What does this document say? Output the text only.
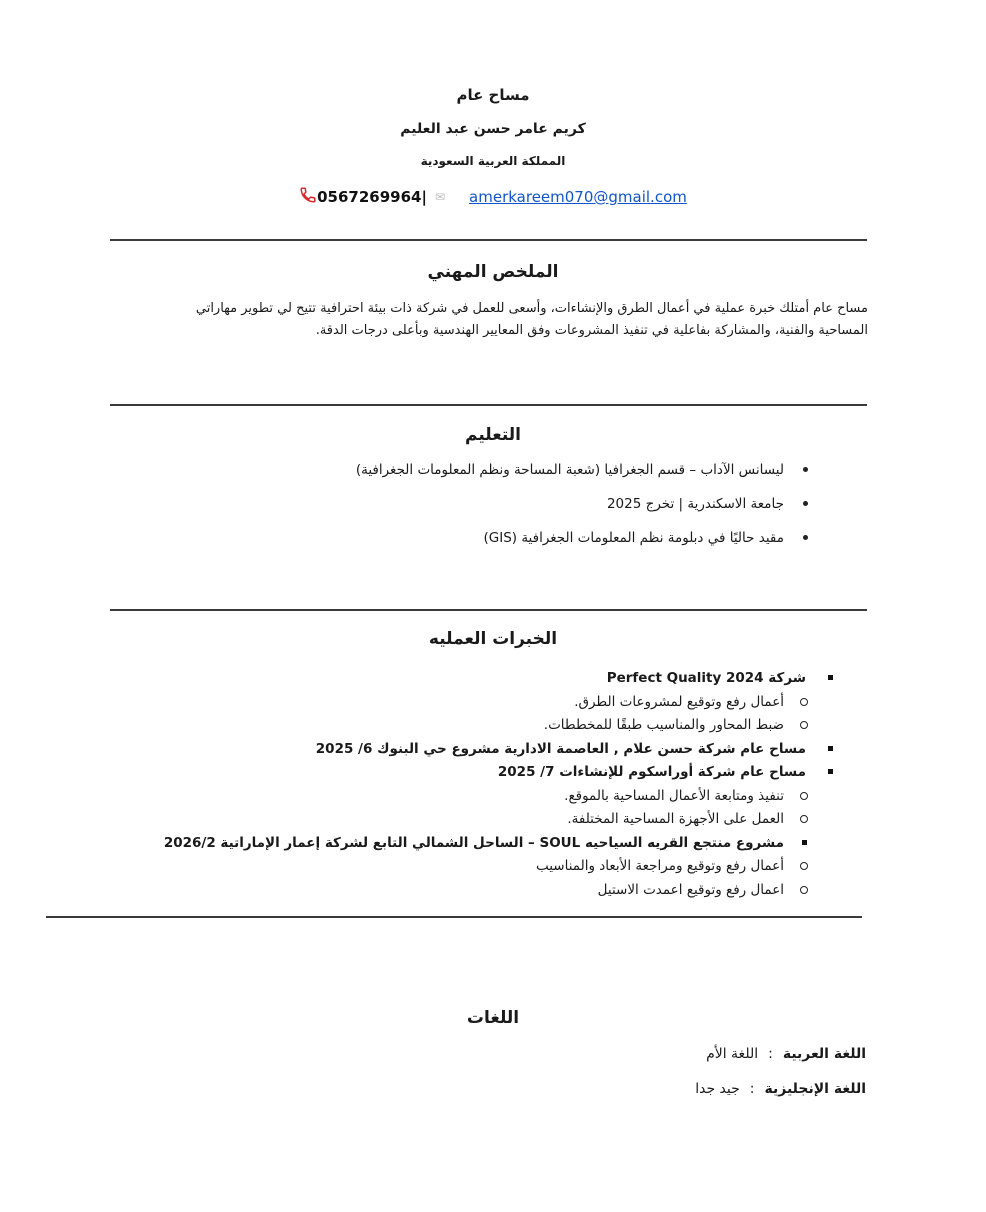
مساح عام
كريم عامر حسن عبد العليم
المملكة العربية السعودية
0567269964| ✉ amerkareem070@gmail.com
الملخص المهني
مساح عام أمتلك خبرة عملية في أعمال الطرق والإنشاءات، وأسعى للعمل في شركة ذات بيئة احترافية تتيح لي تطوير مهاراتي
المساحية والفنية، والمشاركة بفاعلية في تنفيذ المشروعات وفق المعايير الهندسية وبأعلى درجات الدقة.
التعليم
ليسانس الآداب – قسم الجغرافيا (شعبة المساحة ونظم المعلومات الجغرافية)
جامعة الاسكندرية | تخرج 2025
مقيد حاليًا في دبلومة نظم المعلومات الجغرافية (GIS)
الخبرات العمليه
شركة Perfect Quality 2024
أعمال رفع وتوقيع لمشروعات الطرق.
ضبط المحاور والمناسيب طبقًا للمخططات.
مساح عام شركة حسن علام , العاصمة الادارية مشروع حي البنوك 6/ 2025
مساح عام شركة أوراسكوم للإنشاءات 7/ 2025
تنفيذ ومتابعة الأعمال المساحية بالموقع.
العمل على الأجهزة المساحية المختلفة.
مشروع منتجع القريه السياحيه SOUL – الساحل الشمالي التابع لشركة إعمار الإماراتية 2026/2
أعمال رفع وتوقيع ومراجعة الأبعاد والمناسيب
اعمال رفع وتوقيع اعمدت الاستيل
اللغات
اللغة العربية:اللغة الأم
اللغة الإنجليزية:جيد جدا
